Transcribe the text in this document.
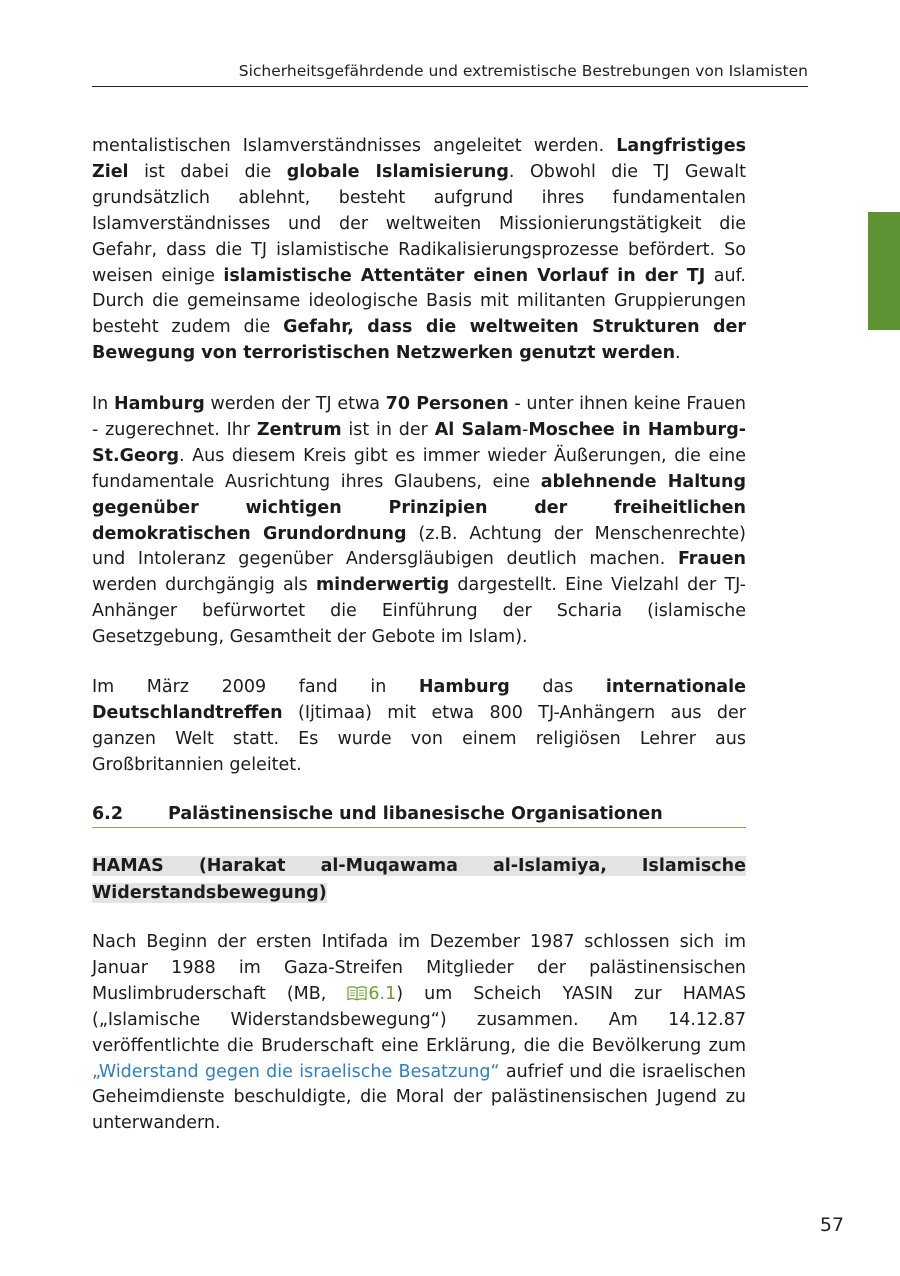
Sicherheitsgefährdende und extremistische Bestrebungen von Islamisten
mentalistischen Islamverständnisses angeleitet werden. Langfristiges Ziel ist dabei die globale Islamisierung. Obwohl die TJ Gewalt grundsätzlich ablehnt, besteht aufgrund ihres fundamentalen Islamverständnisses und der weltweiten Missionierungstätigkeit die Gefahr, dass die TJ islamistische Radikalisierungsprozesse befördert. So weisen einige islamistische Attentäter einen Vorlauf in der TJ auf. Durch die gemeinsame ideologische Basis mit militanten Gruppierungen besteht zudem die Gefahr, dass die weltweiten Strukturen der Bewegung von terroristischen Netzwerken genutzt werden.
In Hamburg werden der TJ etwa 70 Personen - unter ihnen keine Frauen - zugerechnet. Ihr Zentrum ist in der Al Salam-Moschee in Hamburg-St.Georg. Aus diesem Kreis gibt es immer wieder Äußerungen, die eine fundamentale Ausrichtung ihres Glaubens, eine ablehnende Haltung gegenüber wichtigen Prinzipien der freiheitlichen demokratischen Grundordnung (z.B. Achtung der Menschenrechte) und Intoleranz gegenüber Andersgläubigen deutlich machen. Frauen werden durchgängig als minderwertig dargestellt. Eine Vielzahl der TJ-Anhänger befürwortet die Einführung der Scharia (islamische Gesetzgebung, Gesamtheit der Gebote im Islam).
Im März 2009 fand in Hamburg das internationale Deutschlandtreffen (Ijtimaa) mit etwa 800 TJ-Anhängern aus der ganzen Welt statt. Es wurde von einem religiösen Lehrer aus Großbritannien geleitet.
6.2	Palästinensische und libanesische Organisationen
HAMAS (Harakat al-Muqawama al-Islamiya, Islamische Widerstandsbewegung)
Nach Beginn der ersten Intifada im Dezember 1987 schlossen sich im Januar 1988 im Gaza-Streifen Mitglieder der palästinensischen Muslimbruderschaft (MB, 6.1) um Scheich YASIN zur HAMAS („Islamische Widerstandsbewegung“) zusammen. Am 14.12.87 veröffentlichte die Bruderschaft eine Erklärung, die die Bevölkerung zum „Widerstand gegen die israelische Besatzung“ aufrief und die israelischen Geheimdienste beschuldigte, die Moral der palästinensischen Jugend zu unterwandern.
57
